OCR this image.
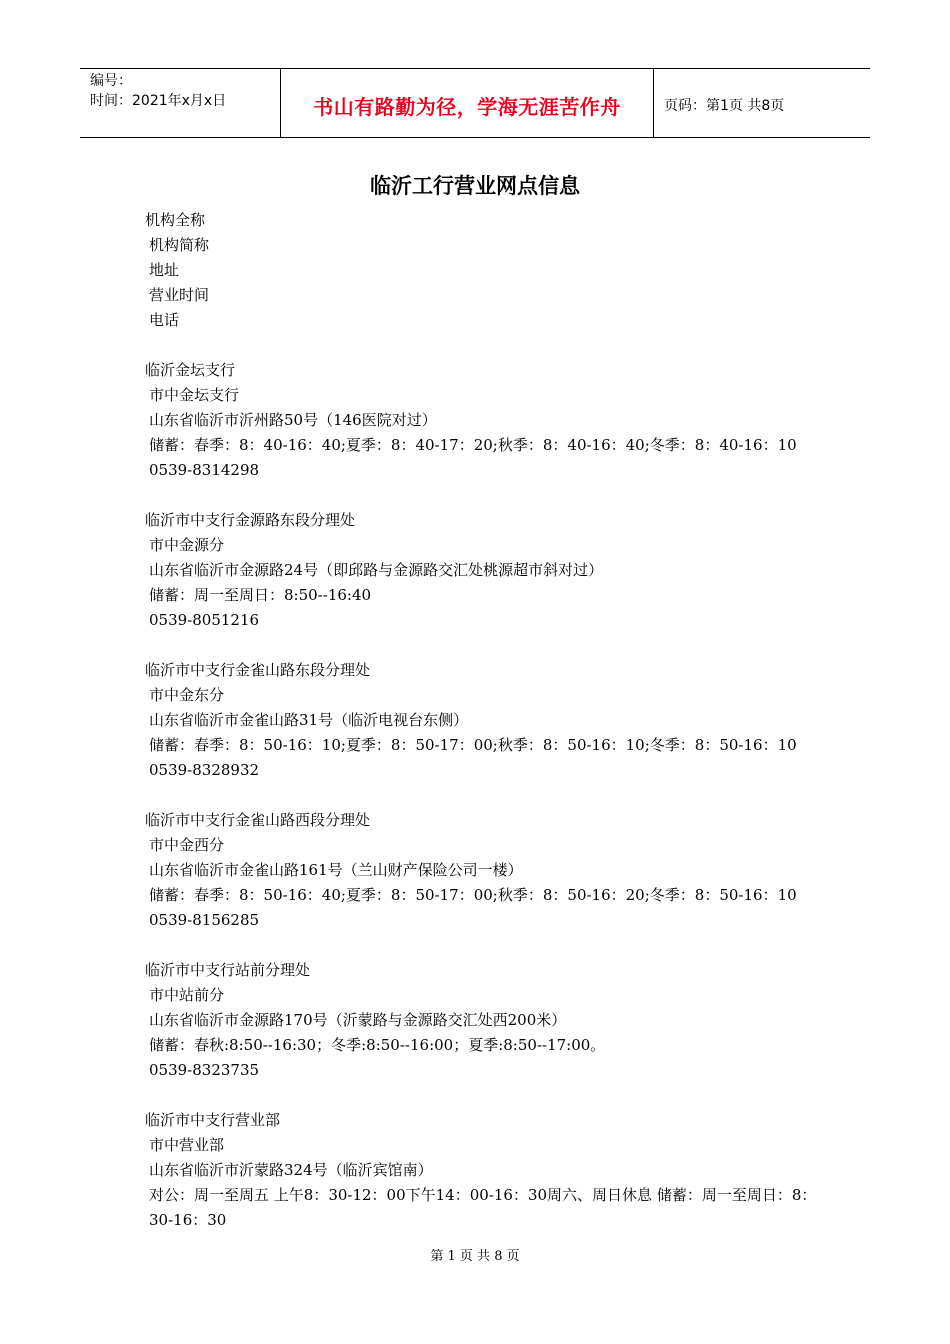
编号：
时间：2021年x月x日	书山有路勤为径，学海无涯苦作舟	页码：第1页 共8页
临沂工行营业网点信息
机构全称
机构简称
地址
营业时间
电话
临沂金坛支行
市中金坛支行
山东省临沂市沂州路50号（146医院对过）
储蓄：春季：8：40-16：40;夏季：8：40-17：20;秋季：8：40-16：40;冬季：8：40-16：10
0539-8314298
临沂市中支行金源路东段分理处
市中金源分
山东省临沂市金源路24号（即邱路与金源路交汇处桃源超市斜对过）
储蓄：周一至周日：8:50--16:40
0539-8051216
临沂市中支行金雀山路东段分理处
市中金东分
山东省临沂市金雀山路31号（临沂电视台东侧）
储蓄：春季：8：50-16：10;夏季：8：50-17：00;秋季：8：50-16：10;冬季：8：50-16：10
0539-8328932
临沂市中支行金雀山路西段分理处
市中金西分
山东省临沂市金雀山路161号（兰山财产保险公司一楼）
储蓄：春季：8：50-16：40;夏季：8：50-17：00;秋季：8：50-16：20;冬季：8：50-16：10
0539-8156285
临沂市中支行站前分理处
市中站前分
山东省临沂市金源路170号（沂蒙路与金源路交汇处西200米）
储蓄：春秋:8:50--16:30；冬季:8:50--16:00；夏季:8:50--17:00。
0539-8323735
临沂市中支行营业部
市中营业部
山东省临沂市沂蒙路324号（临沂宾馆南）
对公：周一至周五 上午8：30-12：00下午14：00-16：30周六、周日休息 储蓄：周一至周日：8：30-16：30
第 1 页 共 8 页
